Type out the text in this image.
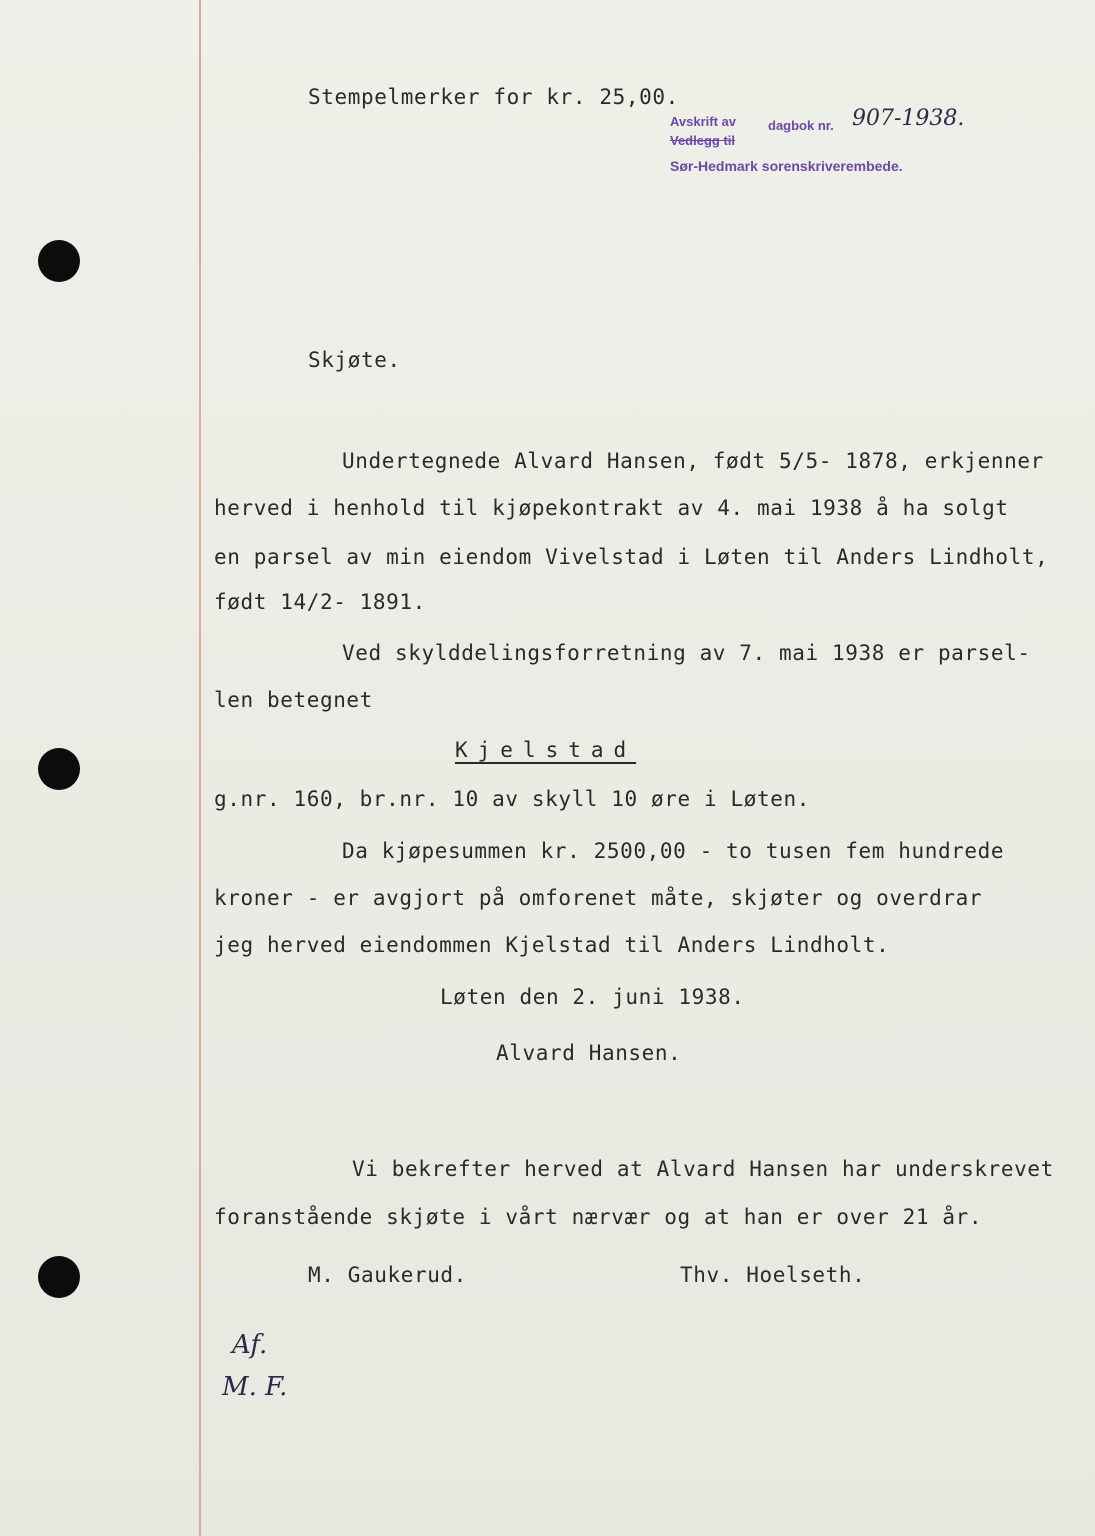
Stempelmerker for kr. 25,00.
Avskrift av dagbok nr. 907-1938.
Vedlegg til
Sør-Hedmark sorenskriverembede.
Skjøte.
Undertegnede Alvard Hansen, født 5/5- 1878, erkjenner
herved i henhold til kjøpekontrakt av 4. mai 1938 å ha solgt
en parsel av min eiendom Vivelstad i Løten til Anders Lindholt,
født 14/2- 1891.
Ved skylddelingsforretning av 7. mai 1938 er parsel-
len betegnet
Kjelstad
g.nr. 160, br.nr. 10 av skyll 10 øre i Løten.
Da kjøpesummen kr. 2500,00 - to tusen fem hundrede
kroner - er avgjort på omforenet måte, skjøter og overdrar
jeg herved eiendommen Kjelstad til Anders Lindholt.
Løten den 2. juni 1938.
Alvard Hansen.
Vi bekrefter herved at Alvard Hansen har underskrevet
foranstående skjøte i vårt nærvær og at han er over 21 år.
M. Gaukerud.	Thv. Hoelseth.
Af.
M. F.
